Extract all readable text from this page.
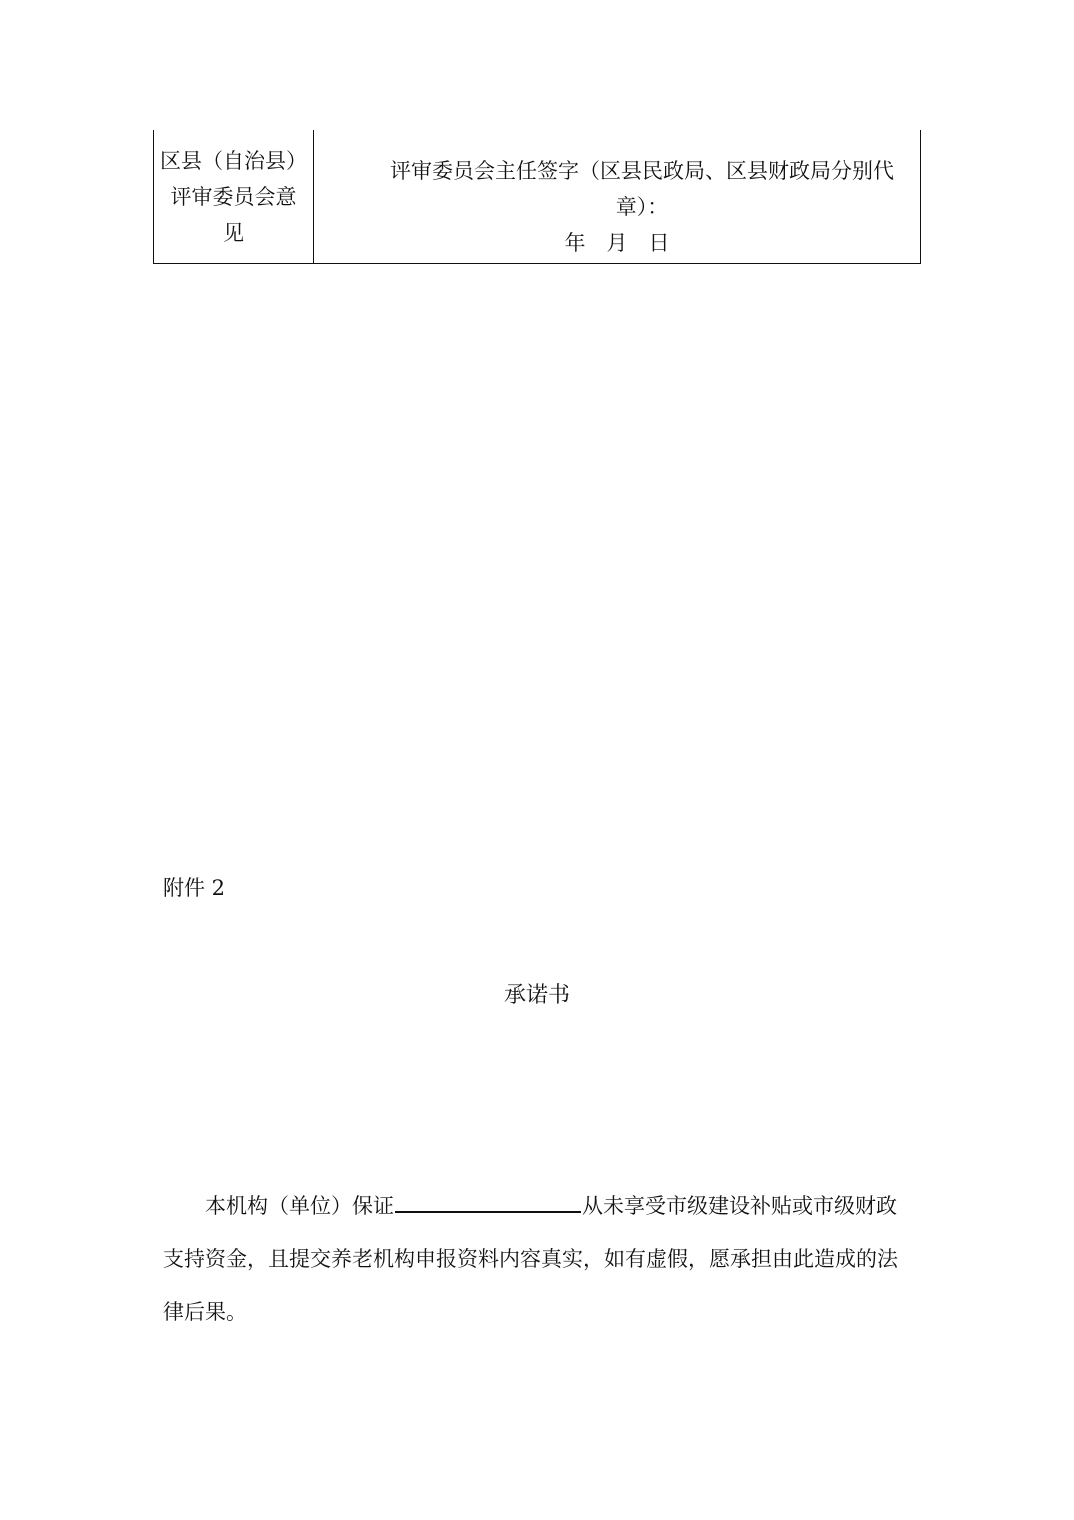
区县（自治县）
评审委员会意
见

评审委员会主任签字（区县民政局、区县财政局分别代章）：
年　月　日
附件 2
承诺书
本机构（单位）保证	从未享受市级建设补贴或市级财政
支持资金，且提交养老机构申报资料内容真实，如有虚假，愿承担由此造成的法
律后果。
